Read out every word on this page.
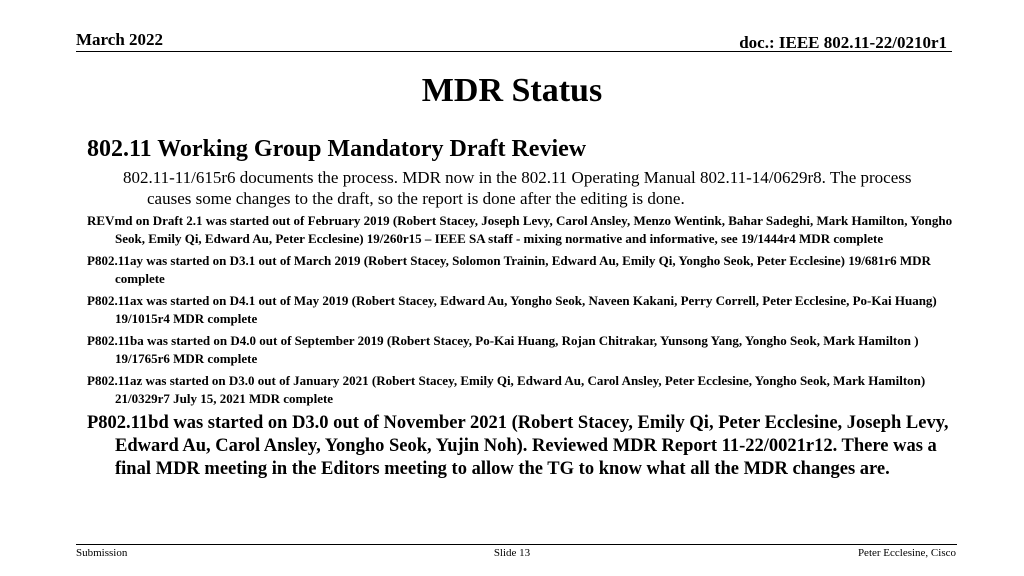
March 2022	doc.: IEEE 802.11-22/0210r1
MDR Status
802.11 Working Group Mandatory Draft Review
802.11-11/615r6 documents the process. MDR now in the 802.11 Operating Manual 802.11-14/0629r8. The process causes some changes to the draft, so the report is done after the editing is done.
REVmd on Draft 2.1 was started out of February 2019 (Robert Stacey, Joseph Levy, Carol Ansley, Menzo Wentink, Bahar Sadeghi, Mark Hamilton, Yongho Seok, Emily Qi, Edward Au, Peter Ecclesine) 19/260r15 – IEEE SA staff - mixing normative and informative, see 19/1444r4 MDR complete
P802.11ay was started on D3.1 out of March 2019 (Robert Stacey, Solomon Trainin, Edward Au, Emily Qi, Yongho Seok, Peter Ecclesine) 19/681r6 MDR complete
P802.11ax was started on D4.1 out of May 2019 (Robert Stacey, Edward Au, Yongho Seok, Naveen Kakani, Perry Correll, Peter Ecclesine, Po-Kai Huang) 19/1015r4 MDR complete
P802.11ba was started on D4.0 out of September 2019 (Robert Stacey, Po-Kai Huang, Rojan Chitrakar, Yunsong Yang, Yongho Seok, Mark Hamilton ) 19/1765r6 MDR complete
P802.11az was started on D3.0 out of January 2021 (Robert Stacey, Emily Qi, Edward Au, Carol Ansley, Peter Ecclesine, Yongho Seok, Mark Hamilton) 21/0329r7 July 15, 2021 MDR complete
P802.11bd was started on D3.0 out of November 2021 (Robert Stacey, Emily Qi, Peter Ecclesine, Joseph Levy, Edward Au, Carol Ansley, Yongho Seok, Yujin Noh). Reviewed MDR Report 11-22/0021r12. There was a final MDR meeting in the Editors meeting to allow the TG to know what all the MDR changes are.
Submission	Slide 13	Peter Ecclesine, Cisco
